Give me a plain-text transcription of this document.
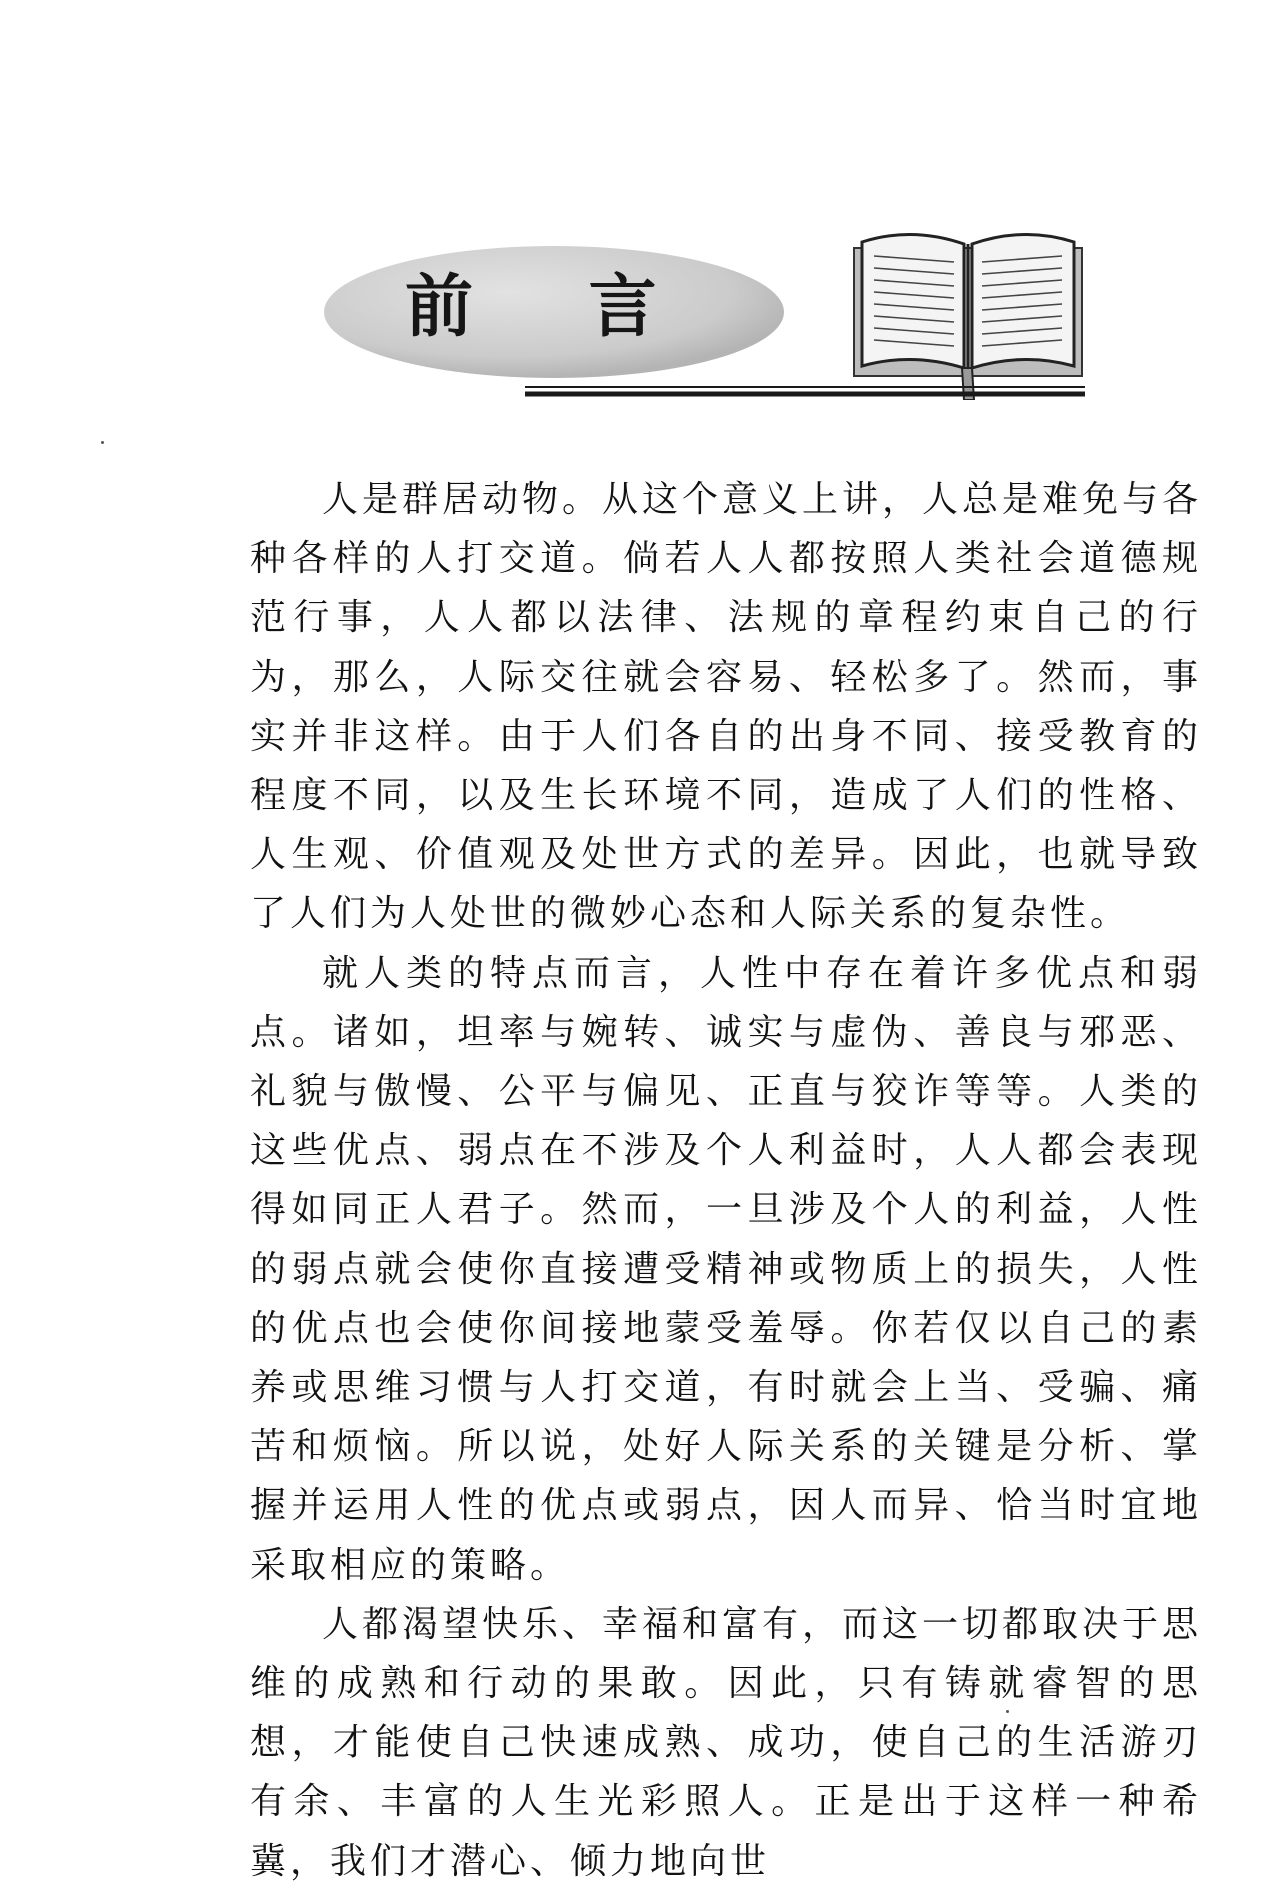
前 言

人是群居动物。从这个意义上讲，人总是难免与各种各样的人打交道。倘若人人都按照人类社会道德规范行事，人人都以法律、法规的章程约束自己的行为，那么，人际交往就会容易、轻松多了。然而，事实并非这样。由于人们各自的出身不同、接受教育的程度不同，以及生长环境不同，造成了人们的性格、人生观、价值观及处世方式的差异。因此，也就导致了人们为人处世的微妙心态和人际关系的复杂性。

就人类的特点而言，人性中存在着许多优点和弱点。诸如，坦率与婉转、诚实与虚伪、善良与邪恶、礼貌与傲慢、公平与偏见、正直与狡诈等等。人类的这些优点、弱点在不涉及个人利益时，人人都会表现得如同正人君子。然而，一旦涉及个人的利益，人性的弱点就会使你直接遭受精神或物质上的损失，人性的优点也会使你间接地蒙受羞辱。你若仅以自己的素养或思维习惯与人打交道，有时就会上当、受骗、痛苦和烦恼。所以说，处好人际关系的关键是分析、掌握并运用人性的优点或弱点，因人而异、恰当时宜地采取相应的策略。

人都渴望快乐、幸福和富有，而这一切都取决于思维的成熟和行动的果敢。因此，只有铸就睿智的思想，才能使自己快速成熟、成功，使自己的生活游刃有余、丰富的人生光彩照人。正是出于这样一种希冀，我们才潜心、倾力地向世
